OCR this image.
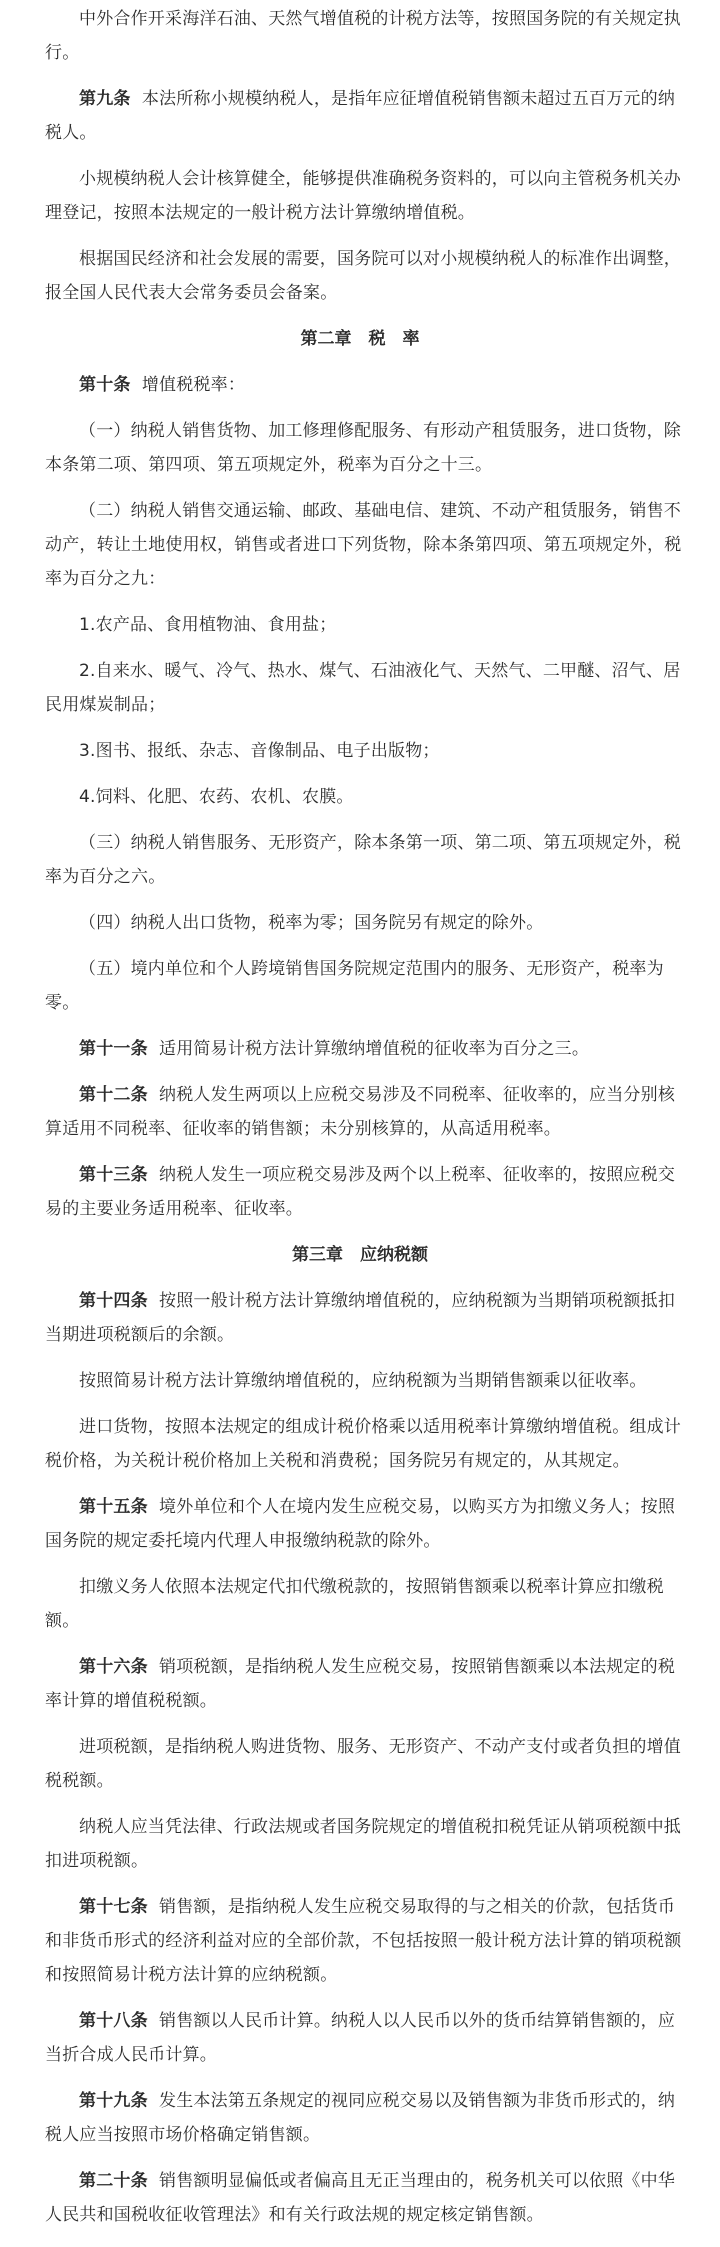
中外合作开采海洋石油、天然气增值税的计税方法等，按照国务院的有关规定执行。

第九条 本法所称小规模纳税人，是指年应征增值税销售额未超过五百万元的纳税人。

小规模纳税人会计核算健全，能够提供准确税务资料的，可以向主管税务机关办理登记，按照本法规定的一般计税方法计算缴纳增值税。

根据国民经济和社会发展的需要，国务院可以对小规模纳税人的标准作出调整，报全国人民代表大会常务委员会备案。

第二章　税　率

第十条 增值税税率：

（一）纳税人销售货物、加工修理修配服务、有形动产租赁服务，进口货物，除本条第二项、第四项、第五项规定外，税率为百分之十三。

（二）纳税人销售交通运输、邮政、基础电信、建筑、不动产租赁服务，销售不动产，转让土地使用权，销售或者进口下列货物，除本条第四项、第五项规定外，税率为百分之九：

1.农产品、食用植物油、食用盐；

2.自来水、暖气、冷气、热水、煤气、石油液化气、天然气、二甲醚、沼气、居民用煤炭制品；

3.图书、报纸、杂志、音像制品、电子出版物；

4.饲料、化肥、农药、农机、农膜。

（三）纳税人销售服务、无形资产，除本条第一项、第二项、第五项规定外，税率为百分之六。

（四）纳税人出口货物，税率为零；国务院另有规定的除外。

（五）境内单位和个人跨境销售国务院规定范围内的服务、无形资产，税率为零。

第十一条 适用简易计税方法计算缴纳增值税的征收率为百分之三。

第十二条 纳税人发生两项以上应税交易涉及不同税率、征收率的，应当分别核算适用不同税率、征收率的销售额；未分别核算的，从高适用税率。

第十三条 纳税人发生一项应税交易涉及两个以上税率、征收率的，按照应税交易的主要业务适用税率、征收率。

第三章　应纳税额

第十四条 按照一般计税方法计算缴纳增值税的，应纳税额为当期销项税额抵扣当期进项税额后的余额。

按照简易计税方法计算缴纳增值税的，应纳税额为当期销售额乘以征收率。

进口货物，按照本法规定的组成计税价格乘以适用税率计算缴纳增值税。组成计税价格，为关税计税价格加上关税和消费税；国务院另有规定的，从其规定。

第十五条 境外单位和个人在境内发生应税交易，以购买方为扣缴义务人；按照国务院的规定委托境内代理人申报缴纳税款的除外。

扣缴义务人依照本法规定代扣代缴税款的，按照销售额乘以税率计算应扣缴税额。

第十六条 销项税额，是指纳税人发生应税交易，按照销售额乘以本法规定的税率计算的增值税税额。

进项税额，是指纳税人购进货物、服务、无形资产、不动产支付或者负担的增值税税额。

纳税人应当凭法律、行政法规或者国务院规定的增值税扣税凭证从销项税额中抵扣进项税额。

第十七条 销售额，是指纳税人发生应税交易取得的与之相关的价款，包括货币和非货币形式的经济利益对应的全部价款，不包括按照一般计税方法计算的销项税额和按照简易计税方法计算的应纳税额。

第十八条 销售额以人民币计算。纳税人以人民币以外的货币结算销售额的，应当折合成人民币计算。

第十九条 发生本法第五条规定的视同应税交易以及销售额为非货币形式的，纳税人应当按照市场价格确定销售额。

第二十条 销售额明显偏低或者偏高且无正当理由的，税务机关可以依照《中华人民共和国税收征收管理法》和有关行政法规的规定核定销售额。
